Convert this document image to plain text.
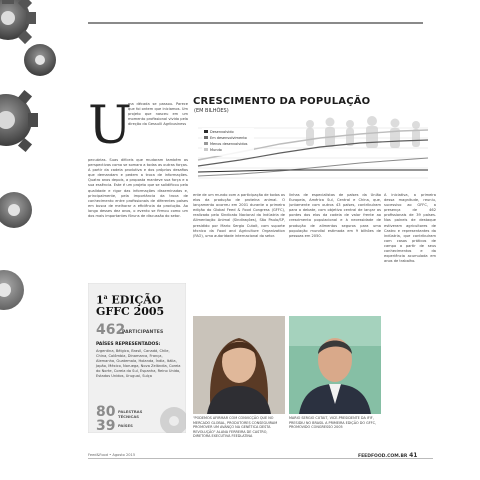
U
ma década se passou. Parece que foi ontem que iniciamos. Um projeto que nasceu em um momento profissional vivido pela direção da Gessulli Agribusiness
pecuárias. Suas difíceis que mudaram também as perspectivas como se somara a todas as outras forças. A partir da cadeia produtiva e dos próprios desafios que demandam e pedem a troca de informações. Quatro anos depois, a proposta manteve sua força e a sua essência. Este é um projeto que se solidificou pela qualidade e rigor das informações disseminadas e, principalmente, pela importância da troca de conhecimento entre profissionais de diferentes países em busca de melhorar a eficiência da produção. Ao longo desses dez anos, o evento se firmou como um dos mais importantes fóruns de discussão do setor.
CRESCIMENTO DA POPULAÇÃO
(EM BILHÕES)
Desenvolvido
Em desenvolvimento
Menos desenvolvidos
Mundo
ente de um mundo com a participação de todos os elos da produção de proteína animal. O lançamento ocorreu em 2001 durante a primeira edição do Global Feed & Food Congress (GFFC), realizado pelo Sindicato Nacional da Indústria de Alimentação Animal (Sindirações), São Paulo/SP, presidido por Mario Sergio Cutait, com suporte técnico da Food and Agriculture Organization (FAO), uma autoridade internacional do setor.
linhas de especialistas de países da União Europeia, América Sul, Central e China, que, juntamente com outros 43 países, contribuíram para o debate, com objetivo central de lançar as pontes dos elos da cadeia de valor frente ao crescimento populacional e à necessidade de produção de alimentos seguros para uma população mundial estimada em 9 bilhões de pessoas em 2050.
A iniciativa, a primeira dessa magnitude, reuniu, sucessivo ao GFFC, a presença de 462 profissionais de 39 países. Nos paíneis de destaque estiveram agricultores de Castro e representantes da indústria, que contribuíram com casos práticos de campo a partir de seus conhecimentos e da experiência acumulada em anos de trabalho.
1$^a$ EDIÇÃO
GFFC 2005
462
PARTICIPANTES
PAÍSES REPRESENTADOS:
Argentina, Bélgica, Brasil, Canadá, Chile, China, Colômbia, Dinamarca, França, Alemanha, Guatemala, Holanda, Índia, Itália, Japão, México, Noruega, Nova Zelândia, Coreia do Norte, Coreia do Sul, Espanha, Reino Unido, Estados Unidos, Uruguai, Suíça
80 PALESTRAS TÉCNICAS
39 PAÍSES
"PODEMOS AFIRMAR COM CONVICÇÃO QUE NO MERCADO GLOBAL, PRODUTORES CONSEGUIRAM PROMOVER UM AVANÇO NA GENÉTICA DESTA REVOLUÇÃO" ALANA FERREIRA DE CASTRO, DIRETORA EXECUTIVA FEEDLATINA
MARIO SERGIO CUTAIT, VICE-PRESIDENTE DA IFIF, PRESIDIU NO BRASIL A PRIMEIRA EDIÇÃO DO GFFC, PROMOVIDO CONGRESSO 2005
Feed&Food • Agosto 2015	FEEDFOOD.COM.BR 41
